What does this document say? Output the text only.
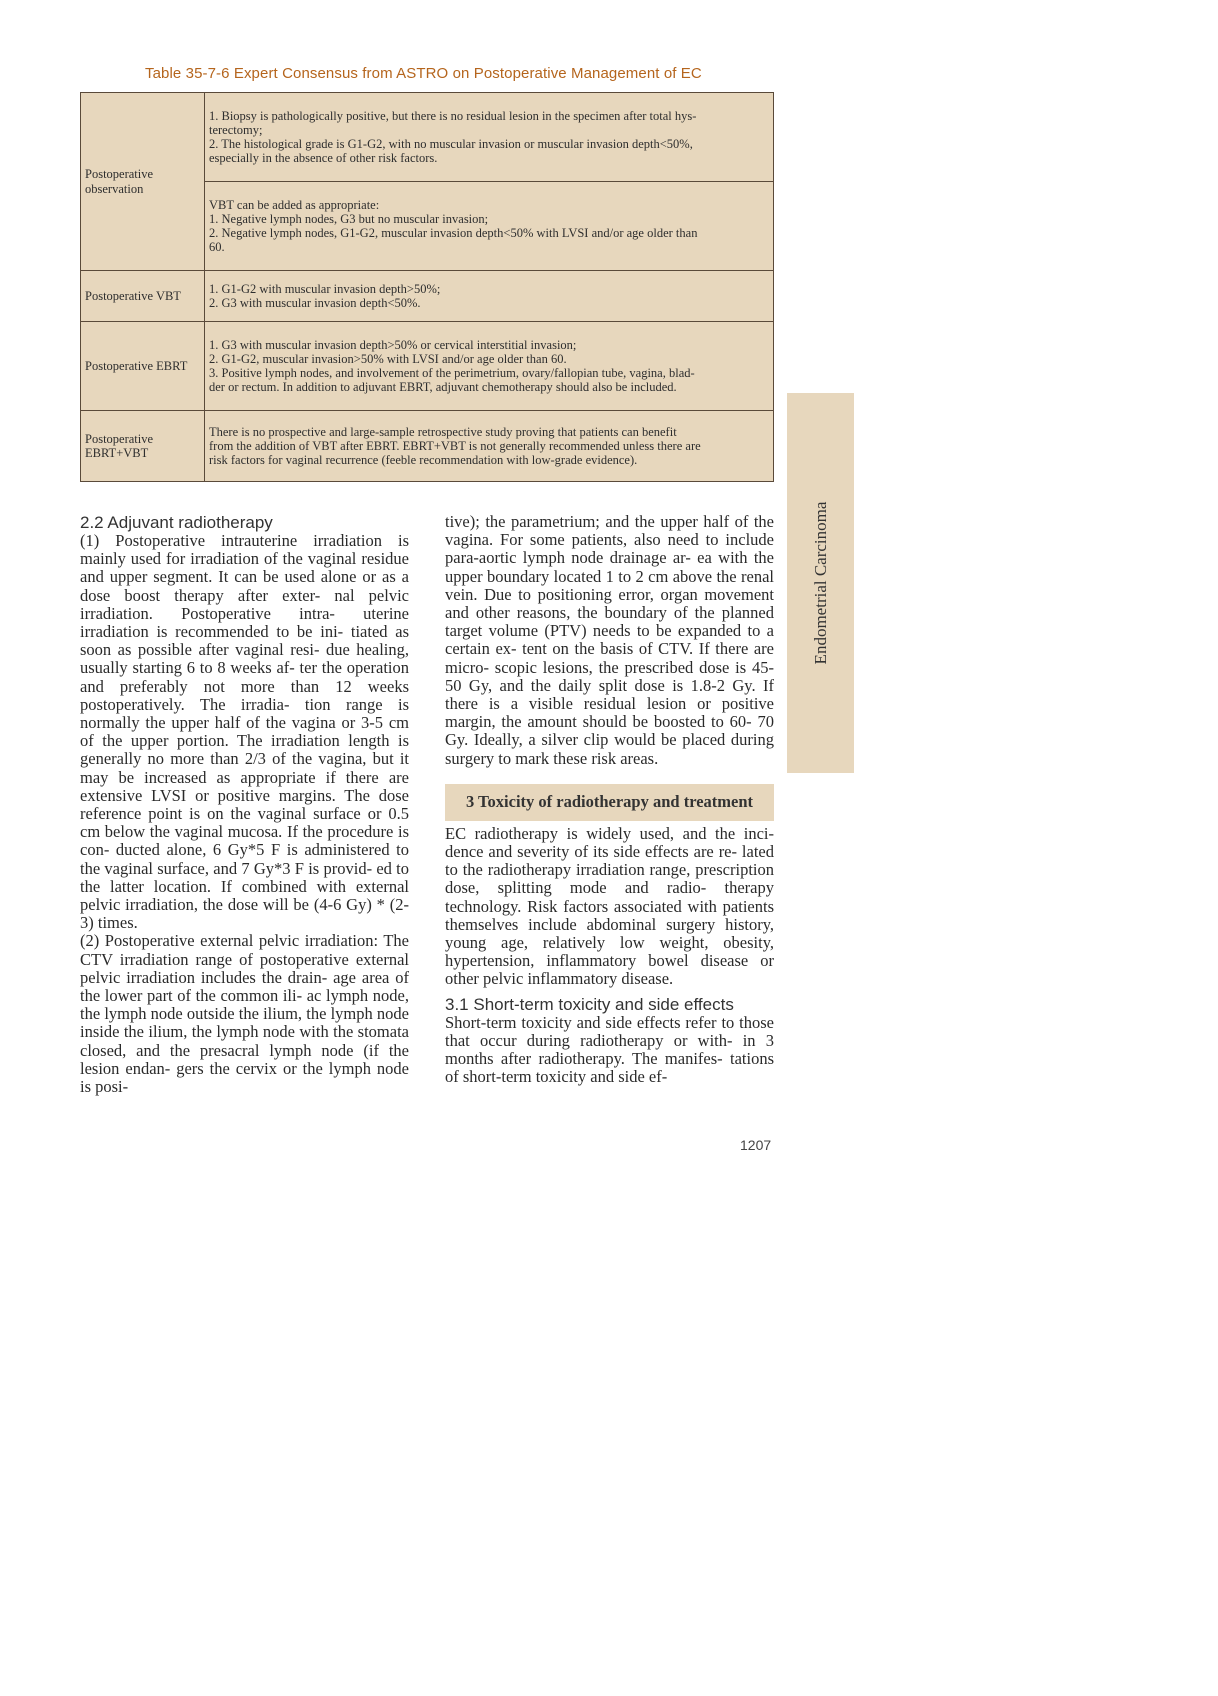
Table 35-7-6 Expert Consensus from ASTRO on Postoperative Management of EC
Postoperative observation	1. Biopsy is pathologically positive, but there is no residual lesion in the specimen after total hys-
terectomy;
2. The histological grade is G1-G2, with no muscular invasion or muscular invasion depth<50%,
especially in the absence of other risk factors.

	VBT can be added as appropriate:
1. Negative lymph nodes, G3 but no muscular invasion;
2. Negative lymph nodes, G1-G2, muscular invasion depth<50% with LVSI and/or age older than
60.

Postoperative VBT	1. G1-G2 with muscular invasion depth>50%;
2. G3 with muscular invasion depth<50%.

Postoperative EBRT	1. G3 with muscular invasion depth>50% or cervical interstitial invasion;
2. G1-G2, muscular invasion>50% with LVSI and/or age older than 60.
3. Positive lymph nodes, and involvement of the perimetrium, ovary/fallopian tube, vagina, blad-
der or rectum. In addition to adjuvant EBRT, adjuvant chemotherapy should also be included.

Postoperative EBRT+VBT	There is no prospective and large-sample retrospective study proving that patients can benefit
from the addition of VBT after EBRT. EBRT+VBT is not generally recommended unless there are
risk factors for vaginal recurrence (feeble recommendation with low-grade evidence).
2.2 Adjuvant radiotherapy

(1) Postoperative intrauterine irradiation is mainly used for irradiation of the vaginal residue and upper segment. It can be used alone or as a dose boost therapy after exter- nal pelvic irradiation. Postoperative intra- uterine irradiation is recommended to be ini- tiated as soon as possible after vaginal resi- due healing, usually starting 6 to 8 weeks af- ter the operation and preferably not more than 12 weeks postoperatively. The irradia- tion range is normally the upper half of the vagina or 3-5 cm of the upper portion. The irradiation length is generally no more than 2/3 of the vagina, but it may be increased as appropriate if there are extensive LVSI or positive margins. The dose reference point is on the vaginal surface or 0.5 cm below the vaginal mucosa. If the procedure is con- ducted alone, 6 Gy*5 F is administered to the vaginal surface, and 7 Gy*3 F is provid- ed to the latter location. If combined with external pelvic irradiation, the dose will be (4-6 Gy) * (2-3) times.

(2) Postoperative external pelvic irradiation: The CTV irradiation range of postoperative external pelvic irradiation includes the drain- age area of the lower part of the common ili- ac lymph node, the lymph node outside the ilium, the lymph node inside the ilium, the lymph node with the stomata closed, and the presacral lymph node (if the lesion endan- gers the cervix or the lymph node is posi-

tive); the parametrium; and the upper half of the vagina. For some patients, also need to include para-aortic lymph node drainage ar- ea with the upper boundary located 1 to 2 cm above the renal vein. Due to positioning error, organ movement and other reasons, the boundary of the planned target volume (PTV) needs to be expanded to a certain ex- tent on the basis of CTV. If there are micro- scopic lesions, the prescribed dose is 45-50 Gy, and the daily split dose is 1.8-2 Gy. If there is a visible residual lesion or positive margin, the amount should be boosted to 60- 70 Gy. Ideally, a silver clip would be placed during surgery to mark these risk areas.

3 Toxicity of radiotherapy and treatment

EC radiotherapy is widely used, and the inci- dence and severity of its side effects are re- lated to the radiotherapy irradiation range, prescription dose, splitting mode and radio- therapy technology. Risk factors associated with patients themselves include abdominal surgery history, young age, relatively low weight, obesity, hypertension, inflammatory bowel disease or other pelvic inflammatory disease.

3.1 Short-term toxicity and side effects

Short-term toxicity and side effects refer to those that occur during radiotherapy or with- in 3 months after radiotherapy. The manifes- tations of short-term toxicity and side ef-

Endometrial Carcinoma
1207
